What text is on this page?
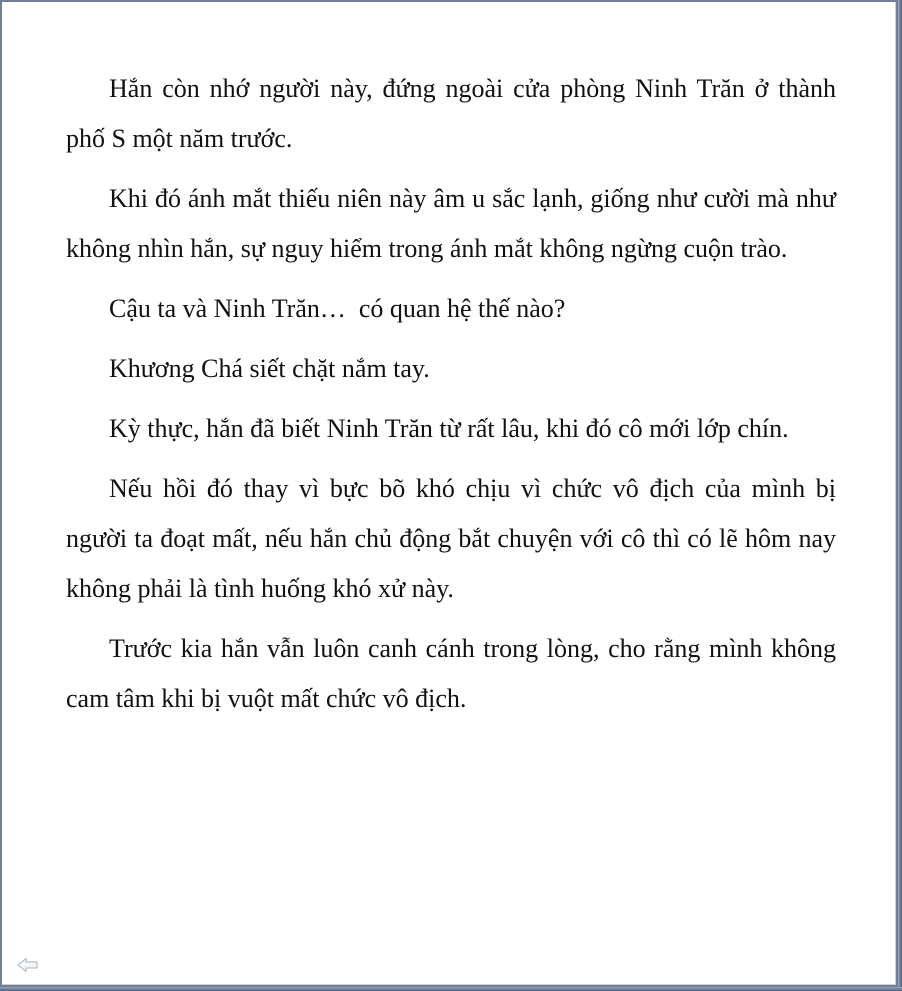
Hắn còn nhớ người này, đứng ngoài cửa phòng Ninh Trăn ở thành phố S một năm trước.

Khi đó ánh mắt thiếu niên này âm u sắc lạnh, giống như cười mà như không nhìn hắn, sự nguy hiểm trong ánh mắt không ngừng cuộn trào.

Cậu ta và Ninh Trăn…  có quan hệ thế nào?

Khương Chá siết chặt nắm tay.

Kỳ thực, hắn đã biết Ninh Trăn từ rất lâu, khi đó cô mới lớp chín.

Nếu hồi đó thay vì bực bõ khó chịu vì chức vô địch của mình bị người ta đoạt mất, nếu hắn chủ động bắt chuyện với cô thì có lẽ hôm nay không phải là tình huống khó xử này.

Trước kia hắn vẫn luôn canh cánh trong lòng, cho rằng mình không cam tâm khi bị vuột mất chức vô địch.
